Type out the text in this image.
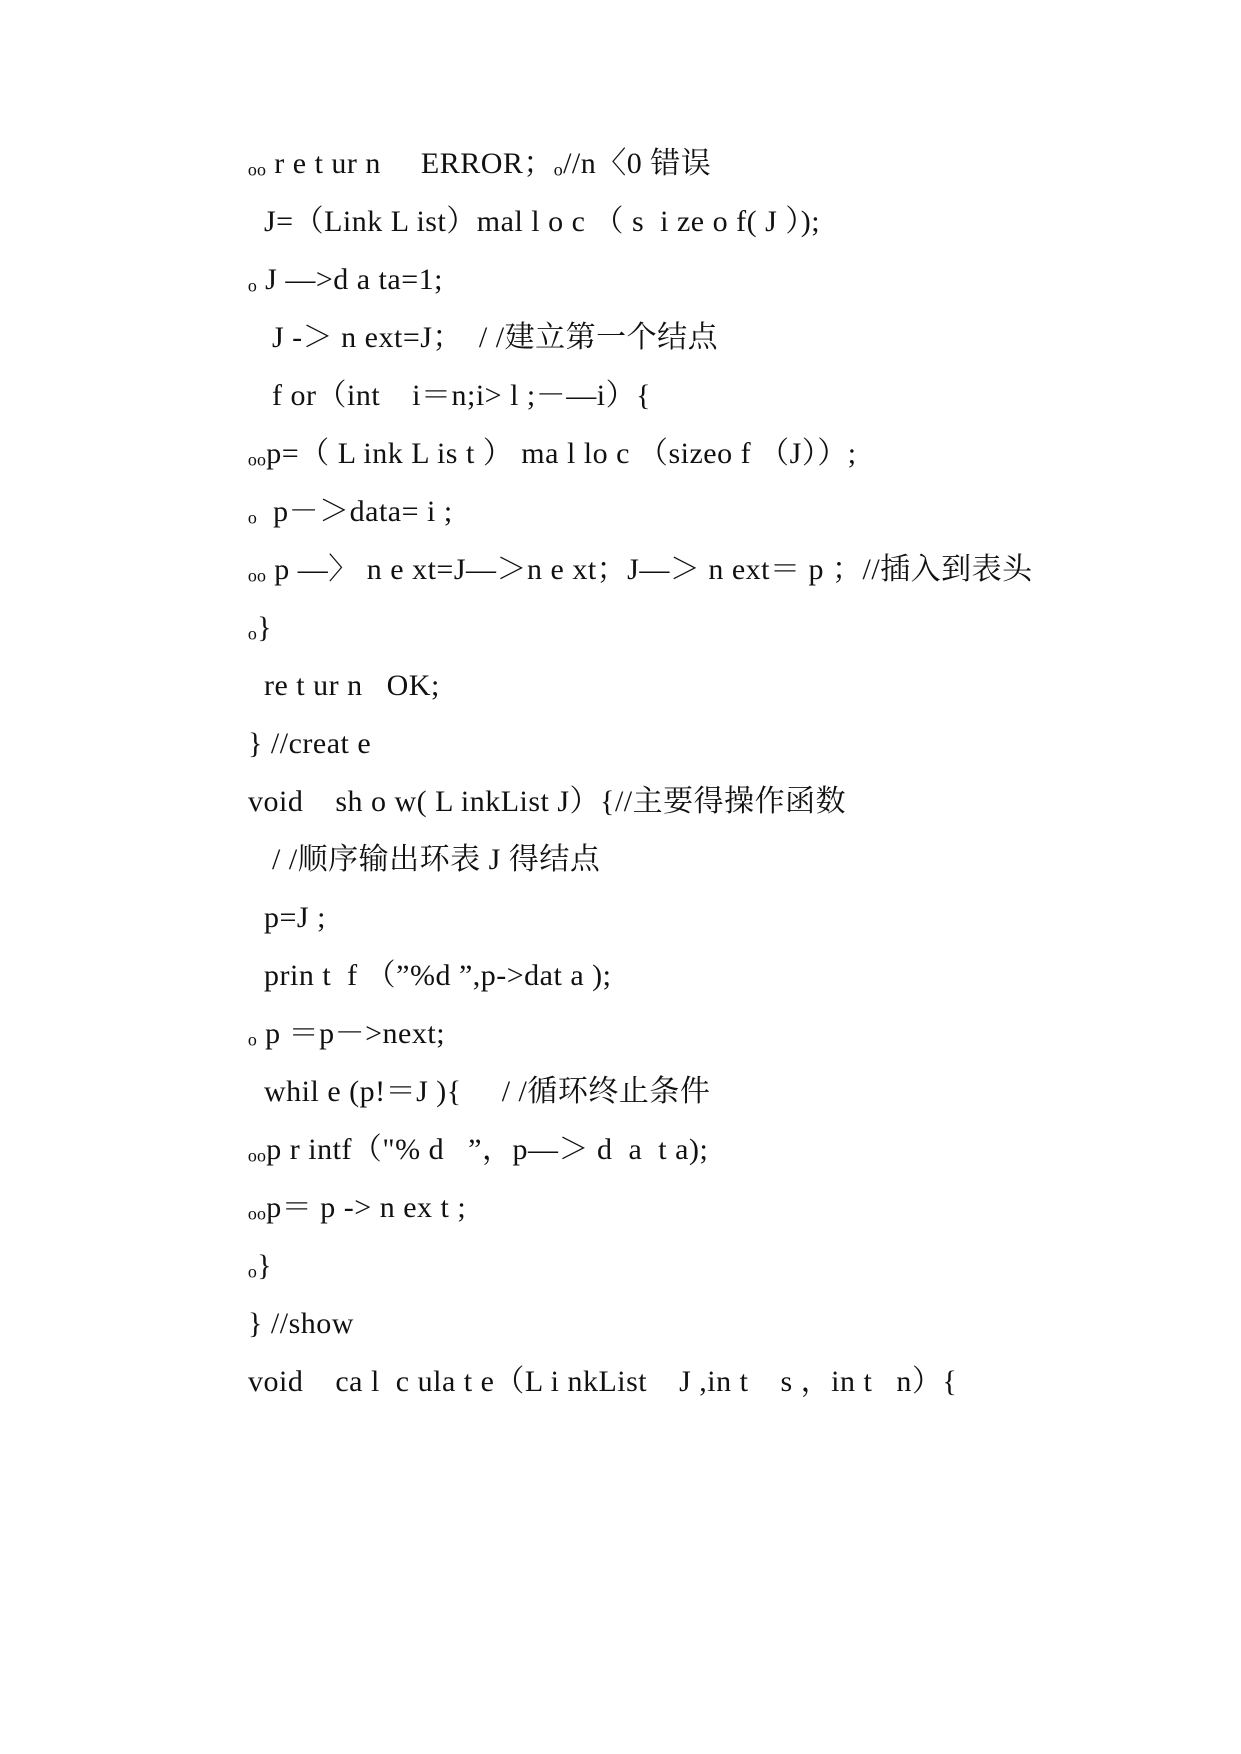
ₒₒ r e t ur n     ERROR；ₒ//n〈0 错误
J=（Link L ist）mal l o c （ s  i ze o f( J ）);
ₒ J —>d a ta=1;
J -＞ n ext=J；  / /建立第一个结点
f or（int    i＝n;i> l ;－—i）{
ₒₒp=（ L ink L is t ） ma l lo c （sizeo f （J））;
ₒ  p－＞data= i ;
ₒₒ p —〉 n e xt=J—＞n e xt；J—＞ n ext＝ p ；//插入到表头
ₒ}
re t ur n   OK;
} //creat e
void    sh o w( L inkList J）{//主要得操作函数
/ /顺序输出环表 J 得结点
p=J ;
prin t  f （”%d ”,p->dat a );
ₒ p ＝p－>next;
whil e (p!＝J ){     / /循环终止条件
ₒₒp r intf（"% d   ”，p—＞ d  a  t a);
ₒₒp＝ p -> n ex t ;
ₒ}
} //show
void    ca l  c ula t e（L i nkList    J ,in t    s ，in t   n）{
